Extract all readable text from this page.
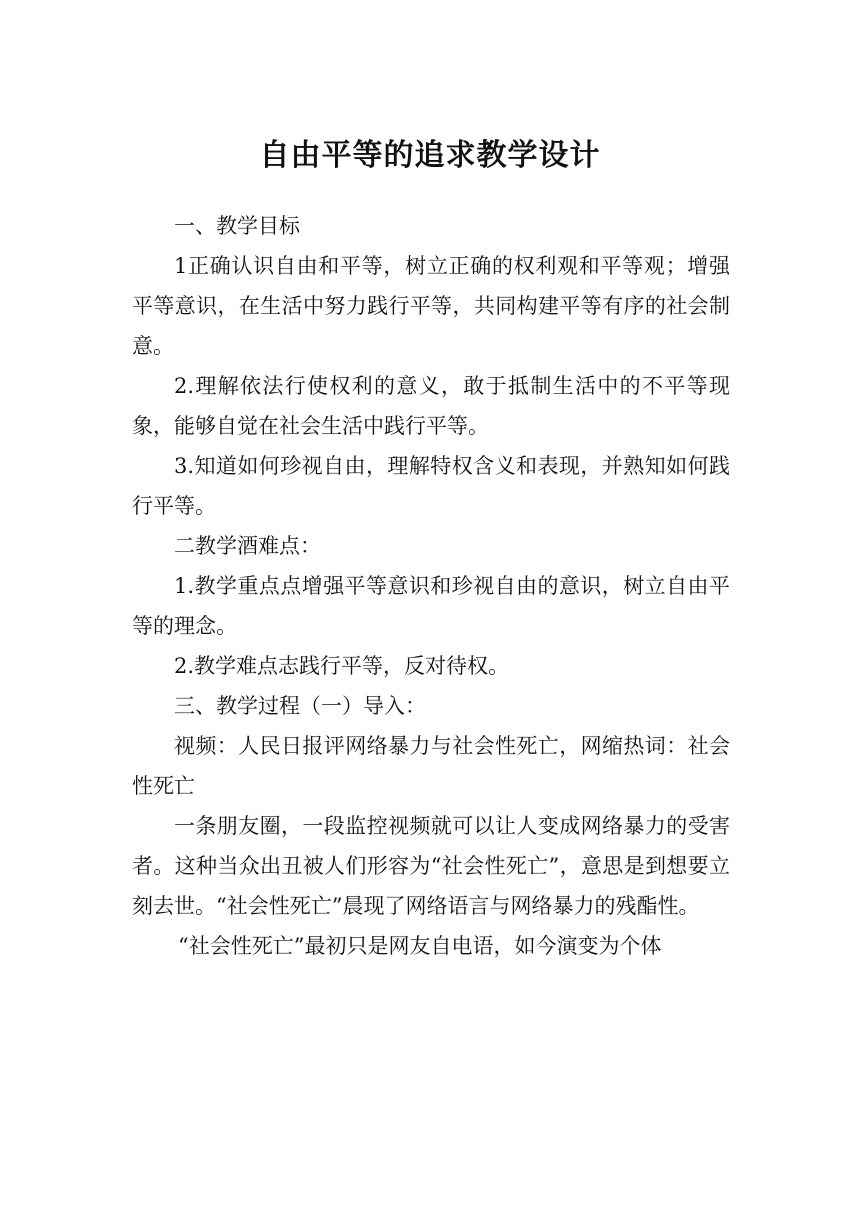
自由平等的追求教学设计

一、教学目标

1正确认识自由和平等，树立正确的权利观和平等观；增强平等意识，在生活中努力践行平等，共同构建平等有序的社会制意。

2.理解依法行使权利的意义，敢于抵制生活中的不平等现象，能够自觉在社会生活中践行平等。

3.知道如何珍视自由，理解特权含义和表现，并熟知如何践行平等。

二教学酒难点：

1.教学重点点增强平等意识和珍视自由的意识，树立自由平等的理念。

2.教学难点志践行平等，反对待权。

三、教学过程（一）导入：

视频：人民日报评网络暴力与社会性死亡，网缩热词：社会性死亡

一条朋友圈，一段监控视频就可以让人变成网络暴力的受害者。这种当众出丑被人们形容为“社会性死亡”，意思是到想要立刻去世。“社会性死亡”晨现了网络语言与网络暴力的残酯性。

“社会性死亡”最初只是网友自电语，如今演变为个体
